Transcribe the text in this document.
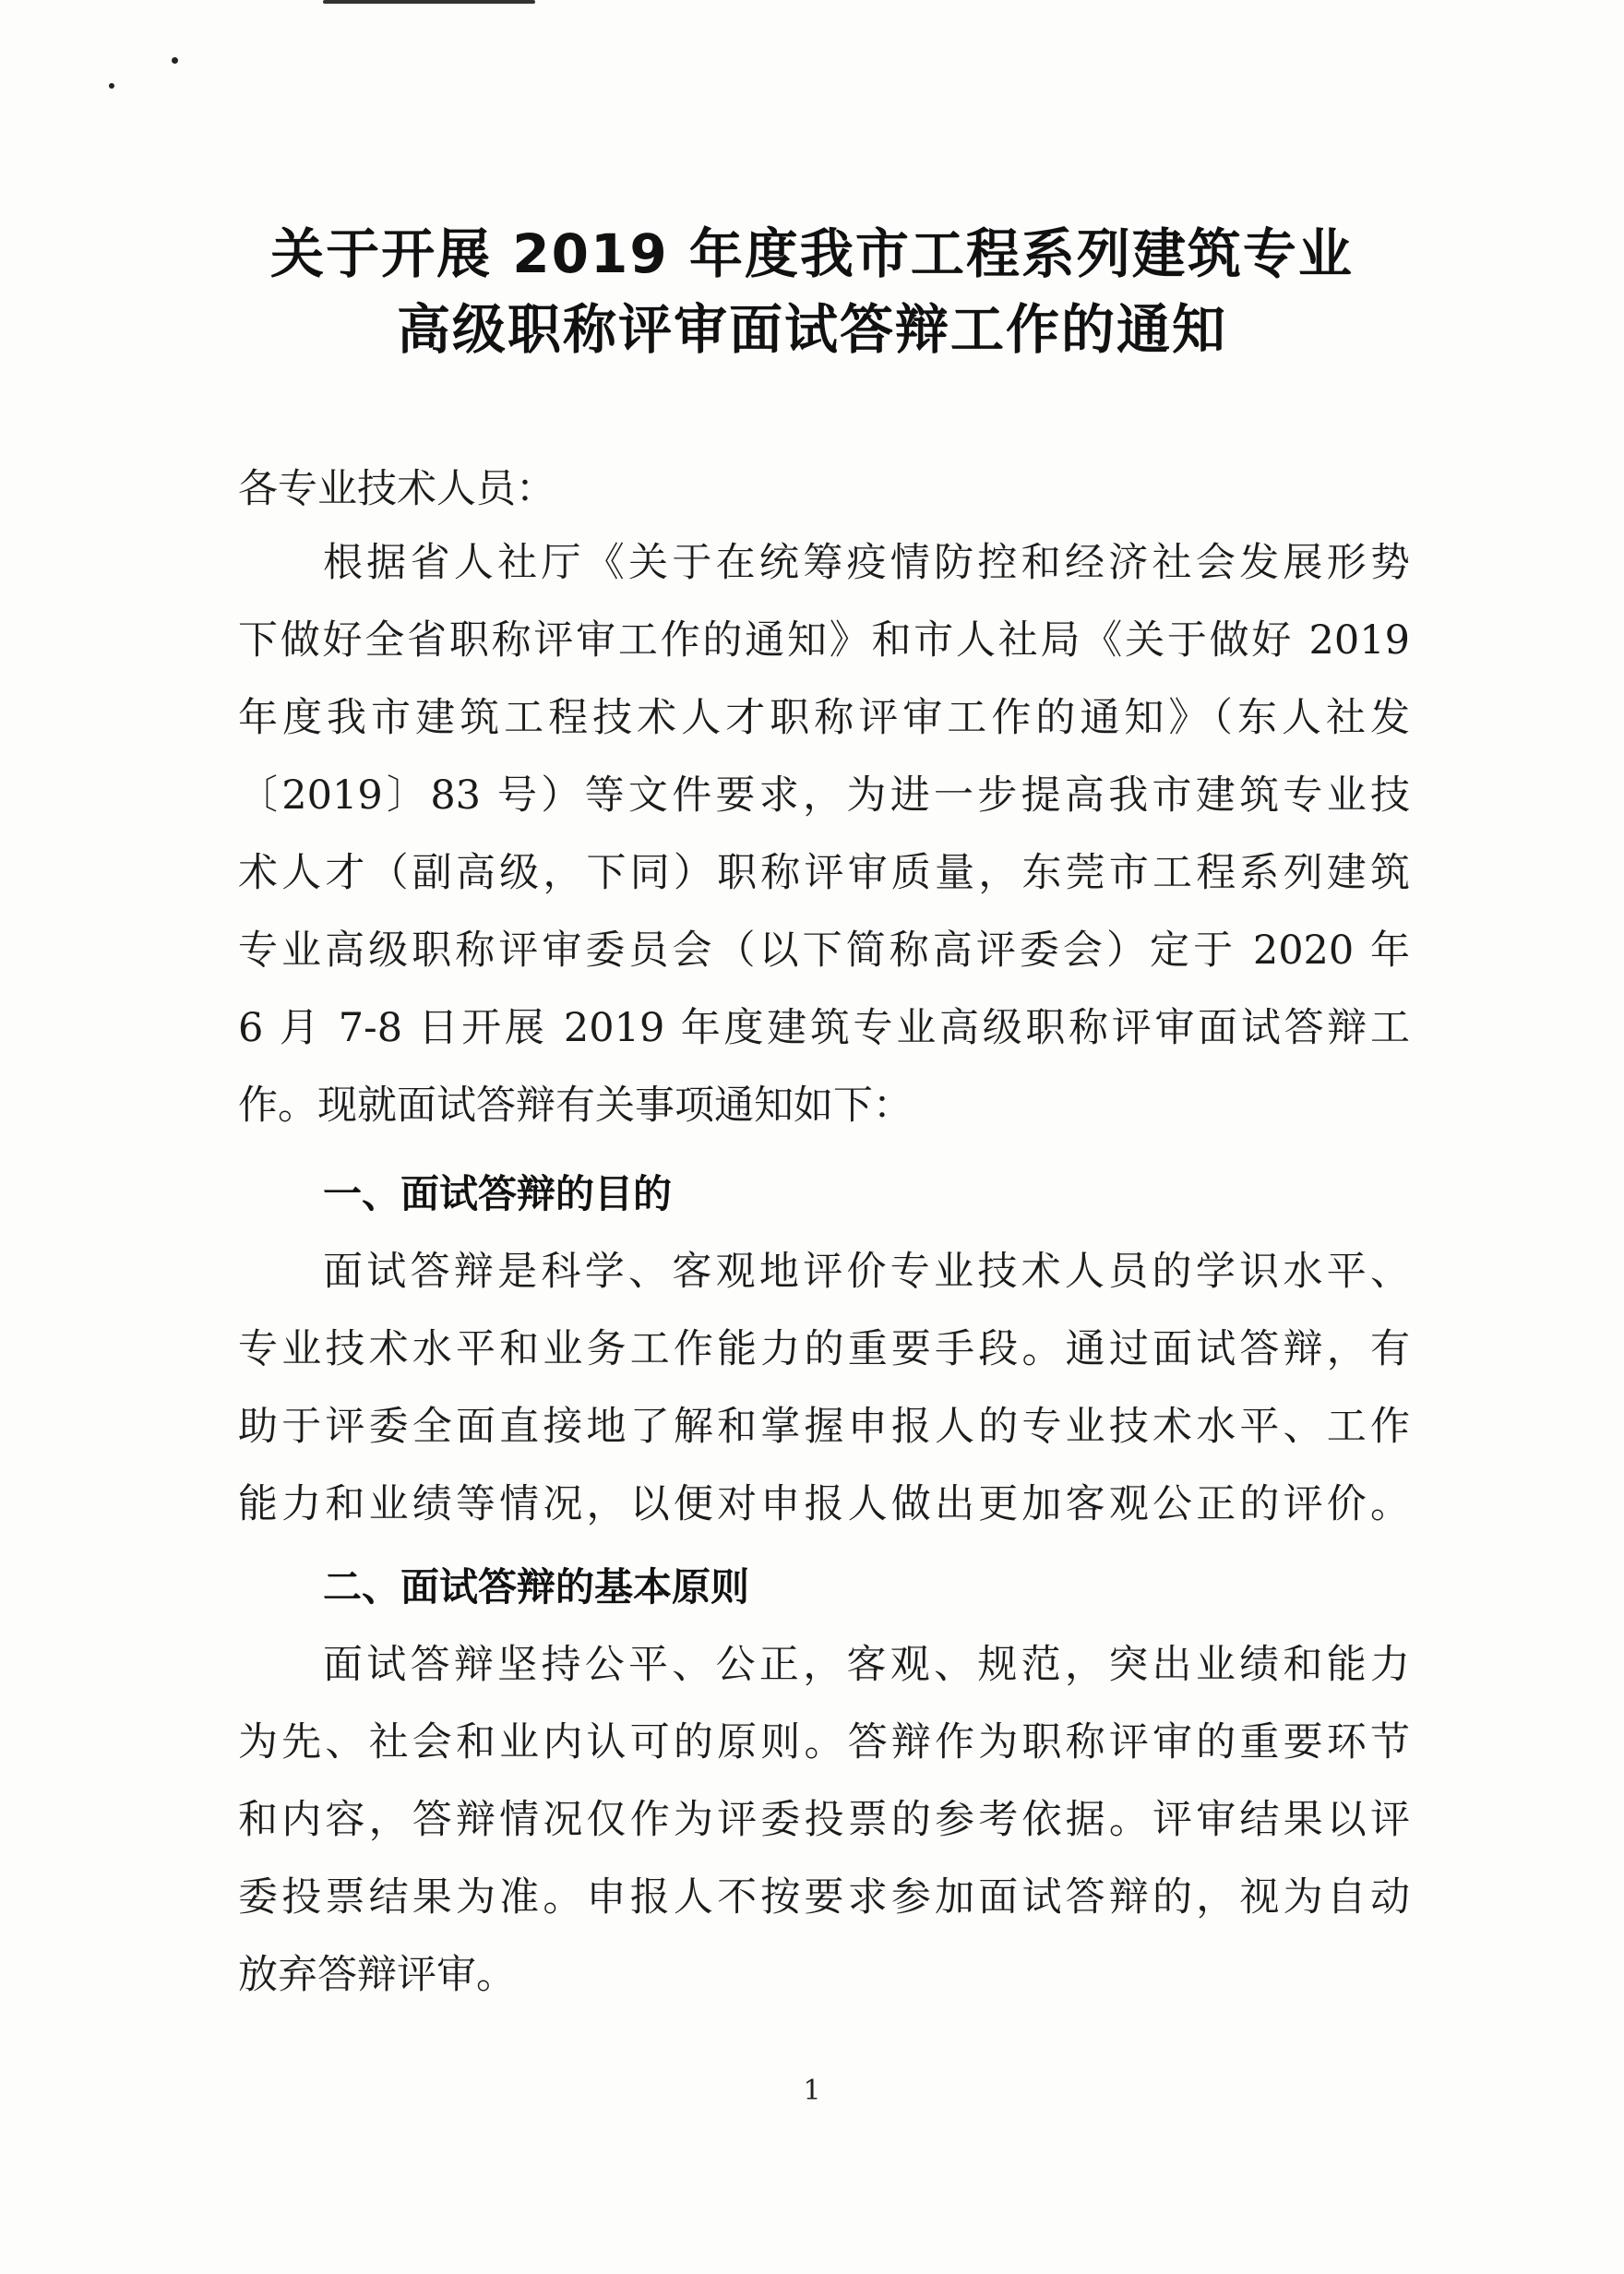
关于开展 2019 年度我市工程系列建筑专业
高级职称评审面试答辩工作的通知
各专业技术人员：
根据省人社厅《关于在统筹疫情防控和经济社会发展形势
下做好全省职称评审工作的通知》和市人社局《关于做好 2019
年度我市建筑工程技术人才职称评审工作的通知》（东人社发
〔2019〕83 号）等文件要求，为进一步提高我市建筑专业技
术人才（副高级，下同）职称评审质量，东莞市工程系列建筑
专业高级职称评审委员会（以下简称高评委会）定于 2020 年
6 月 7-8 日开展 2019 年度建筑专业高级职称评审面试答辩工
作。现就面试答辩有关事项通知如下：
一、面试答辩的目的
面试答辩是科学、客观地评价专业技术人员的学识水平、
专业技术水平和业务工作能力的重要手段。通过面试答辩，有
助于评委全面直接地了解和掌握申报人的专业技术水平、工作
能力和业绩等情况，以便对申报人做出更加客观公正的评价。
二、面试答辩的基本原则
面试答辩坚持公平、公正，客观、规范，突出业绩和能力
为先、社会和业内认可的原则。答辩作为职称评审的重要环节
和内容，答辩情况仅作为评委投票的参考依据。评审结果以评
委投票结果为准。申报人不按要求参加面试答辩的，视为自动
放弃答辩评审。
1
